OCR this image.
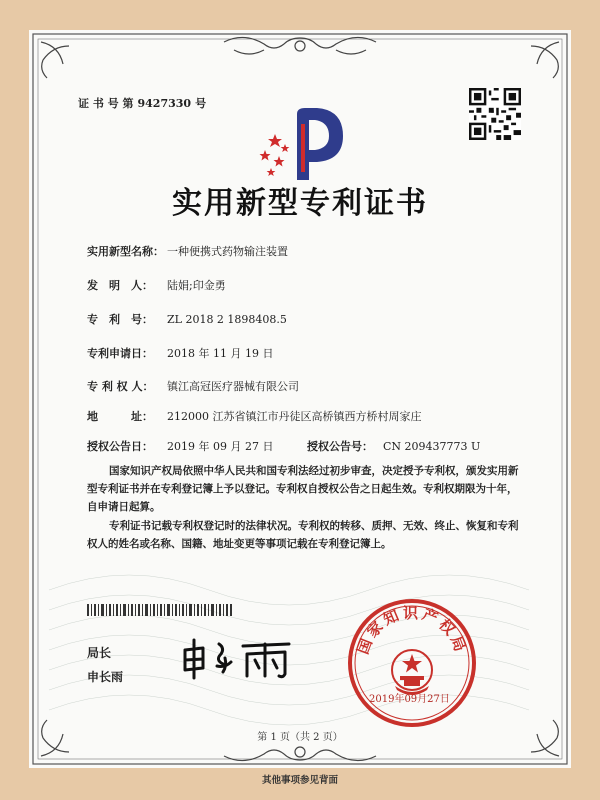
证 书 号 第 9427330 号
实用新型专利证书
实用新型名称： 一种便携式药物输注装置
发　明　人： 陆娟;印金勇
专　利　号： ZL 2018 2 1898408.5
专利申请日： 2018 年 11 月 19 日
专 利 权 人： 镇江高冠医疗器械有限公司
地　　　址： 212000 江苏省镇江市丹徒区高桥镇西方桥村周家庄
授权公告日： 2019 年 09 月 27 日	授权公告号： CN 209437773 U
国家知识产权局依照中华人民共和国专利法经过初步审查，决定授予专利权，颁发实用新型专利证书并在专利登记簿上予以登记。专利权自授权公告之日起生效。专利权期限为十年，自申请日起算。
专利证书记载专利权登记时的法律状况。专利权的转移、质押、无效、终止、恢复和专利权人的姓名或名称、国籍、地址变更等事项记载在专利登记簿上。
局长
申长雨
国家知识产权局
2019年09月27日
第 1 页（共 2 页）
其他事项参见背面
